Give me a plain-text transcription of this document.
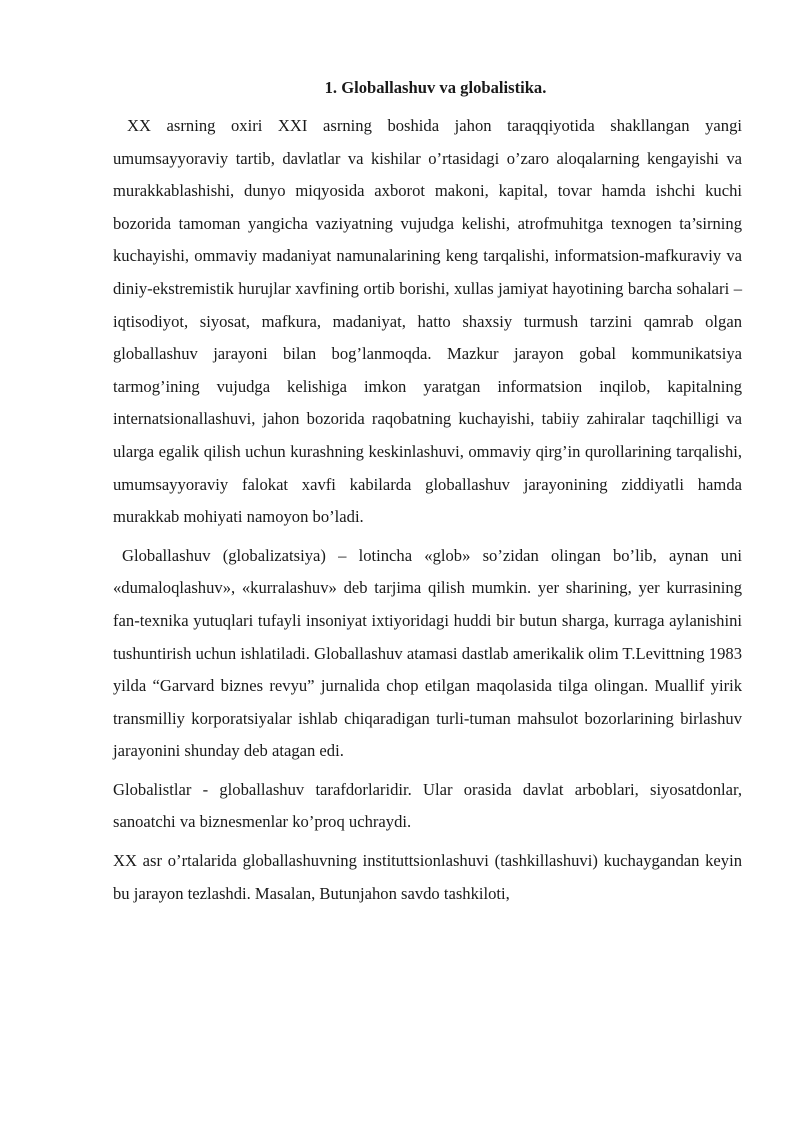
1. Globallashuv va globalistika.

XX asrning oxiri XXI asrning boshida jahon taraqqiyotida shakllangan yangi umumsayyoraviy tartib, davlatlar va kishilar o’rtasidagi o’zaro aloqalarning kengayishi va murakkablashishi, dunyo miqyosida axborot makoni, kapital, tovar hamda ishchi kuchi bozorida tamoman yangicha vaziyatning vujudga kelishi, atrofmuhitga texnogen ta’sirning kuchayishi, ommaviy madaniyat namunalarining keng tarqalishi, informatsion-mafkuraviy va diniy-ekstremistik hurujlar xavfining ortib borishi, xullas jamiyat hayotining barcha sohalari – iqtisodiyot, siyosat, mafkura, madaniyat, hatto shaxsiy turmush tarzini qamrab olgan globallashuv jarayoni bilan bog’lanmoqda. Mazkur jarayon gobal kommunikatsiya tarmog’ining vujudga kelishiga imkon yaratgan informatsion inqilob, kapitalning internatsionallashuvi, jahon bozorida raqobatning kuchayishi, tabiiy zahiralar taqchilligi va ularga egalik qilish uchun kurashning keskinlashuvi, ommaviy qirg’in qurollarining tarqalishi, umumsayyoraviy falokat xavfi kabilarda globallashuv jarayonining ziddiyatli hamda murakkab mohiyati namoyon bo’ladi.

Globallashuv (globalizatsiya) – lotincha «glob» so’zidan olingan bo’lib, aynan uni «dumaloqlashuv», «kurralashuv» deb tarjima qilish mumkin. yer sharining, yer kurrasining fan-texnika yutuqlari tufayli insoniyat ixtiyoridagi huddi bir butun sharga, kurraga aylanishini tushuntirish uchun ishlatiladi. Globallashuv atamasi dastlab amerikalik olim T.Levittning 1983 yilda “Garvard biznes revyu” jurnalida chop etilgan maqolasida tilga olingan. Muallif yirik transmilliy korporatsiyalar ishlab chiqaradigan turli-tuman mahsulot bozorlarining birlashuv jarayonini shunday deb atagan edi.

Globalistlar - globallashuv tarafdorlaridir. Ular orasida davlat arboblari, siyosatdonlar, sanoatchi va biznesmenlar ko’proq uchraydi.

XX asr o’rtalarida globallashuvning instituttsionlashuvi (tashkillashuvi) kuchaygandan keyin bu jarayon tezlashdi. Masalan, Butunjahon savdo tashkiloti,
